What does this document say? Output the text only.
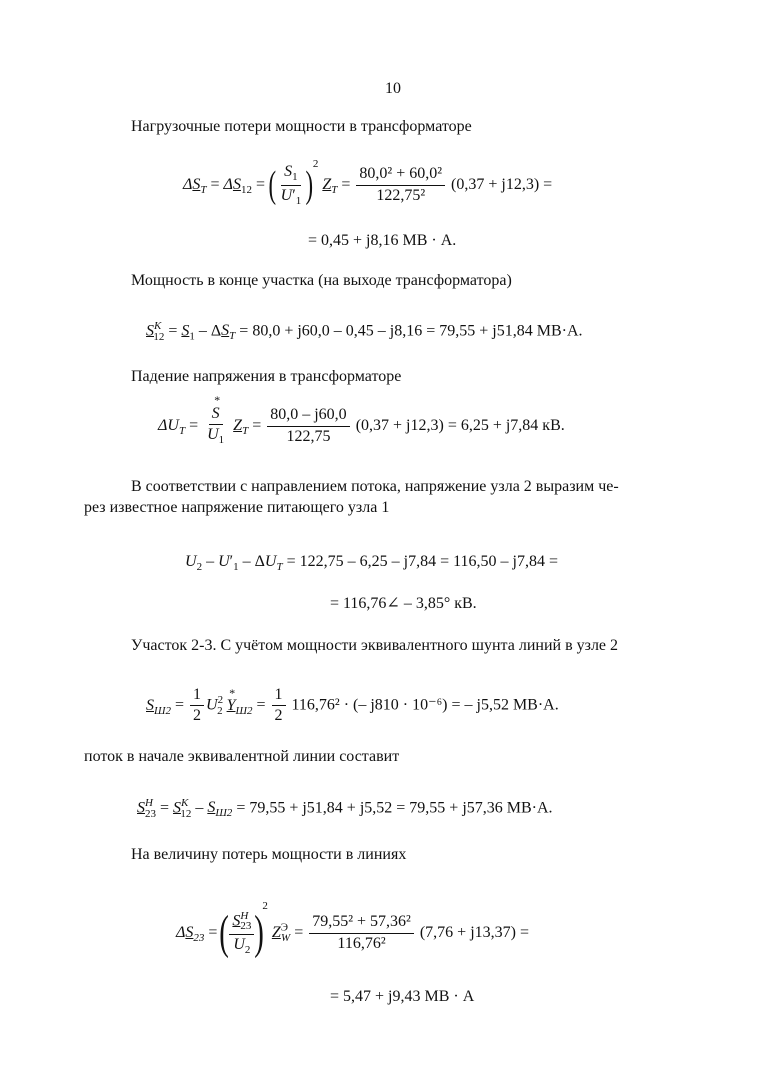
10
Нагрузочные потери мощности в трансформаторе
$\Delta S_T = \Delta S_{12}$ = ( $\frac{S_1}{U'_1} )^2$ $Z_T = \frac{\text{80,0² + 60,0²}}{\text{122,75²}} (0,37 + j12,3)$ =
= 0,45 + j8,16 МВ · А.
Мощность в конце участка (на выходе трансформатора)
$S^K_{12} = S_1 - \Delta S_T = 80,0 + j60,0 - 0,45 - j8,16 = 79,55 + j51,84$ МВ·А.
Падение напряжения в трансформаторе
$\Delta U_T$ = * $\frac{S}{U_1} Z_T = \frac{80,0 - j60,0}{122,75} (0,37 + j12,3) = 6,25 + j7,84$ кВ.
В соответствии с направлением потока, напряжение узла 2 выразим че-
рез известное напряжение питающего узла 1
$U_2 - U'_1 - \Delta U_T = 122,75 - 6,25 - j7,84 = 116,50 - j7,84$ =
= 116,76∠ – 3,85° кВ.
Участок 2-3. С учётом мощности эквивалентного шунта линий в узле 2
$S_{Ш2} = \frac{1}{2} U^2_2 * Y_{Ш2} = \frac{1}{2} 116,76^2$ · (– j810 · 10⁻⁶) = – j5,52 МВ·А.
поток в начале эквивалентной линии составит
$S^H_{23} = S^K_{12} - S_{Ш2} = 79,55 + j51,84 + j5,52 = 79,55 + j57,36$ МВ·А.
На величину потерь мощности в линиях
$\Delta S_{23}$ = ( $\frac{S^H_{23}}{U_2} )^2$ $Z^Э_W = \frac{\text{79,55² + 57,36²}}{\text{116,76²}} (7,76 + j13,37)$ =
= 5,47 + j9,43 МВ · А
